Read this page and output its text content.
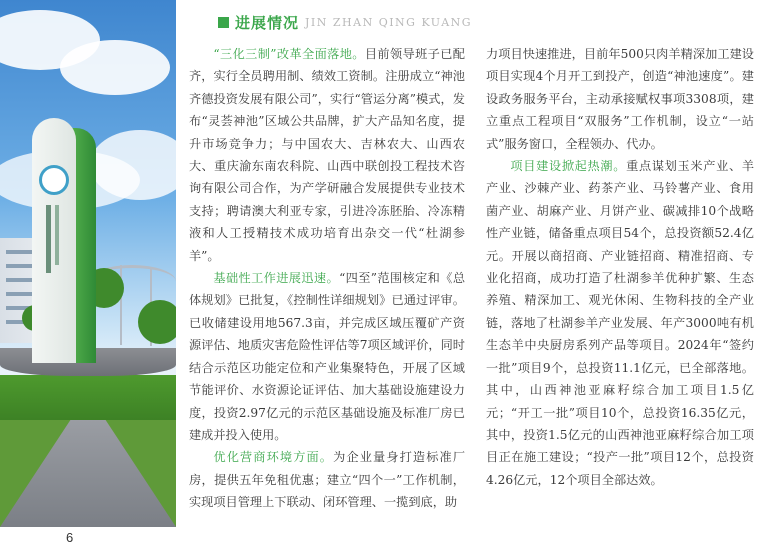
进展情况 JIN ZHAN QING KUANG

“三化三制”改革全面落地。目前领导班子已配齐，实行全员聘用制、绩效工资制。注册成立“神池齐德投资发展有限公司”，实行“管运分离”模式，发布“灵荟神池”区域公共品牌，扩大产品知名度，提升市场竞争力；与中国农大、吉林农大、山西农大、重庆渝东南农科院、山西中联创投工程技术咨询有限公司合作，为产学研融合发展提供专业技术支持；聘请澳大利亚专家，引进冷冻胚胎、冷冻精液和人工授精技术成功培育出杂交一代“杜湖参羊”。

基础性工作进展迅速。“四至”范围核定和《总体规划》已批复，《控制性详细规划》已通过评审。已收储建设用地567.3亩，并完成区域压覆矿产资源评估、地质灾害危险性评估等7项区域评价，同时结合示范区功能定位和产业集聚特色，开展了区域节能评价、水资源论证评估、加大基础设施建设力度，投资2.97亿元的示范区基础设施及标准厂房已建成并投入使用。

优化营商环境方面。为企业量身打造标准厂房，提供五年免租优惠；建立“四个一”工作机制，实现项目管理上下联动、闭环管理、一揽到底，助

力项目快速推进，目前年500只肉羊精深加工建设项目实现4个月开工到投产，创造“神池速度”。建设政务服务平台，主动承接赋权事项3308项，建立重点工程项目“双服务”工作机制，设立“一站式”服务窗口，全程领办、代办。

项目建设掀起热潮。重点谋划玉米产业、羊产业、沙棘产业、药茶产业、马铃薯产业、食用菌产业、胡麻产业、月饼产业、碳减排10个战略性产业链，储备重点项目54个，总投资额52.4亿元。开展以商招商、产业链招商、精准招商、专业化招商，成功打造了杜湖参羊优种扩繁、生态养殖、精深加工、观光休闲、生物科技的全产业链，落地了杜湖参羊产业发展、年产3000吨有机生态羊中央厨房系列产品等项目。2024年“签约一批”项目9个，总投资11.1亿元，已全部落地。其中，山西神池亚麻籽综合加工项目1.5亿元；“开工一批”项目10个，总投资16.35亿元，其中，投资1.5亿元的山西神池亚麻籽综合加工项目正在施工建设；“投产一批”项目12个，总投资4.26亿元，12个项目全部达效。

6
